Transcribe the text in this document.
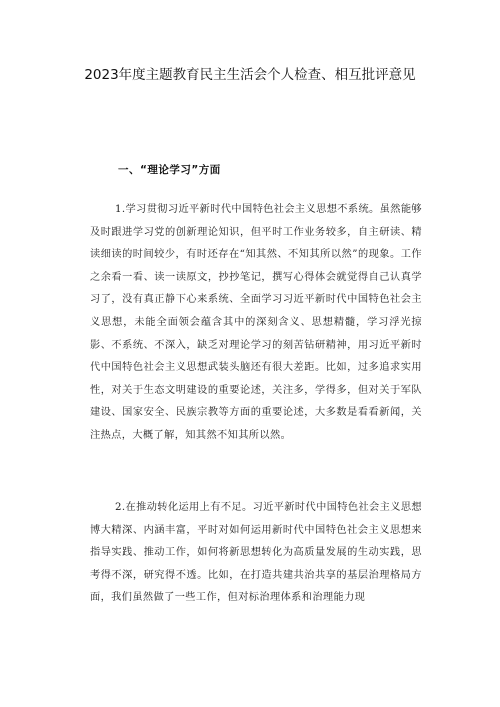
2023年度主题教育民主生活会个人检查、相互批评意见
一、“理论学习”方面

1.学习贯彻习近平新时代中国特色社会主义思想不系统。虽然能够及时跟进学习党的创新理论知识，但平时工作业务较多，自主研读、精读细读的时间较少，有时还存在“知其然、不知其所以然”的现象。工作之余看一看、读一读原文，抄抄笔记，撰写心得体会就觉得自己认真学习了，没有真正静下心来系统、全面学习习近平新时代中国特色社会主义思想，未能全面领会蕴含其中的深刻含义、思想精髓，学习浮光掠影、不系统、不深入，缺乏对理论学习的刻苦钻研精神，用习近平新时代中国特色社会主义思想武装头脑还有很大差距。比如，过多追求实用性，对关于生态文明建设的重要论述，关注多，学得多，但对关于军队建设、国家安全、民族宗教等方面的重要论述，大多数是看看新闻，关注热点，大概了解，知其然不知其所以然。

2.在推动转化运用上有不足。习近平新时代中国特色社会主义思想博大精深、内涵丰富，平时对如何运用新时代中国特色社会主义思想来指导实践、推动工作，如何将新思想转化为高质量发展的生动实践，思考得不深，研究得不透。比如，在打造共建共治共享的基层治理格局方面，我们虽然做了一些工作，但对标治理体系和治理能力现
